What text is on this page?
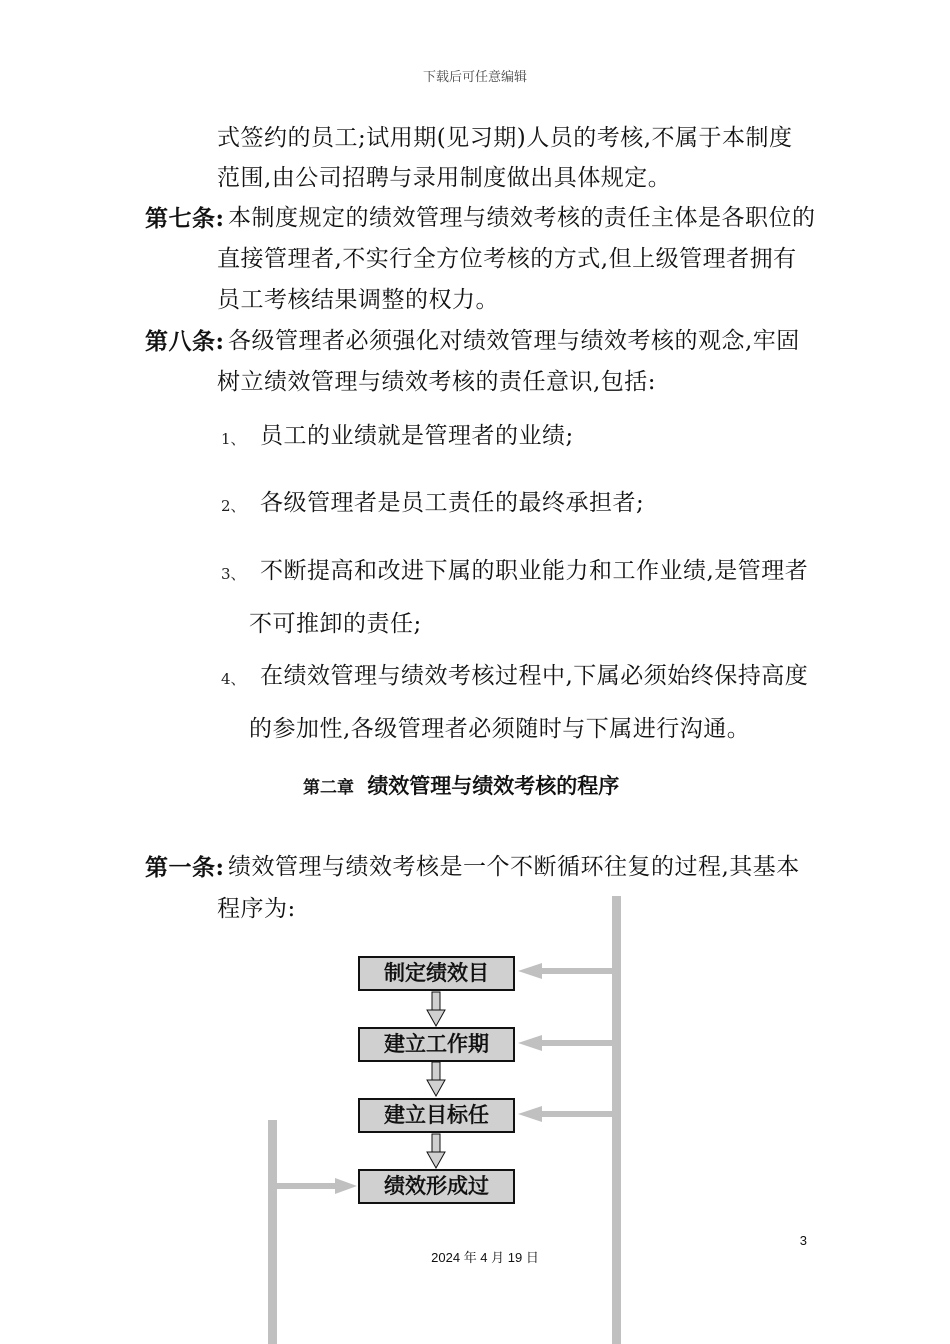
下载后可任意编辑
式签约的员工;试用期(见习期)人员的考核,不属于本制度
范围,由公司招聘与录用制度做出具体规定。
第七条: 本制度规定的绩效管理与绩效考核的责任主体是各职位的
直接管理者,不实行全方位考核的方式,但上级管理者拥有
员工考核结果调整的权力。
第八条: 各级管理者必须强化对绩效管理与绩效考核的观念,牢固
树立绩效管理与绩效考核的责任意识,包括:
1、 员工的业绩就是管理者的业绩;
2、 各级管理者是员工责任的最终承担者;
3、 不断提高和改进下属的职业能力和工作业绩,是管理者
不可推卸的责任;
4、 在绩效管理与绩效考核过程中,下属必须始终保持高度
的参加性,各级管理者必须随时与下属进行沟通。
第二章 绩效管理与绩效考核的程序
第一条: 绩效管理与绩效考核是一个不断循环往复的过程,其基本
程序为:
制定绩效目
建立工作期
建立目标任
绩效形成过
3
2024 年 4 月 19 日
